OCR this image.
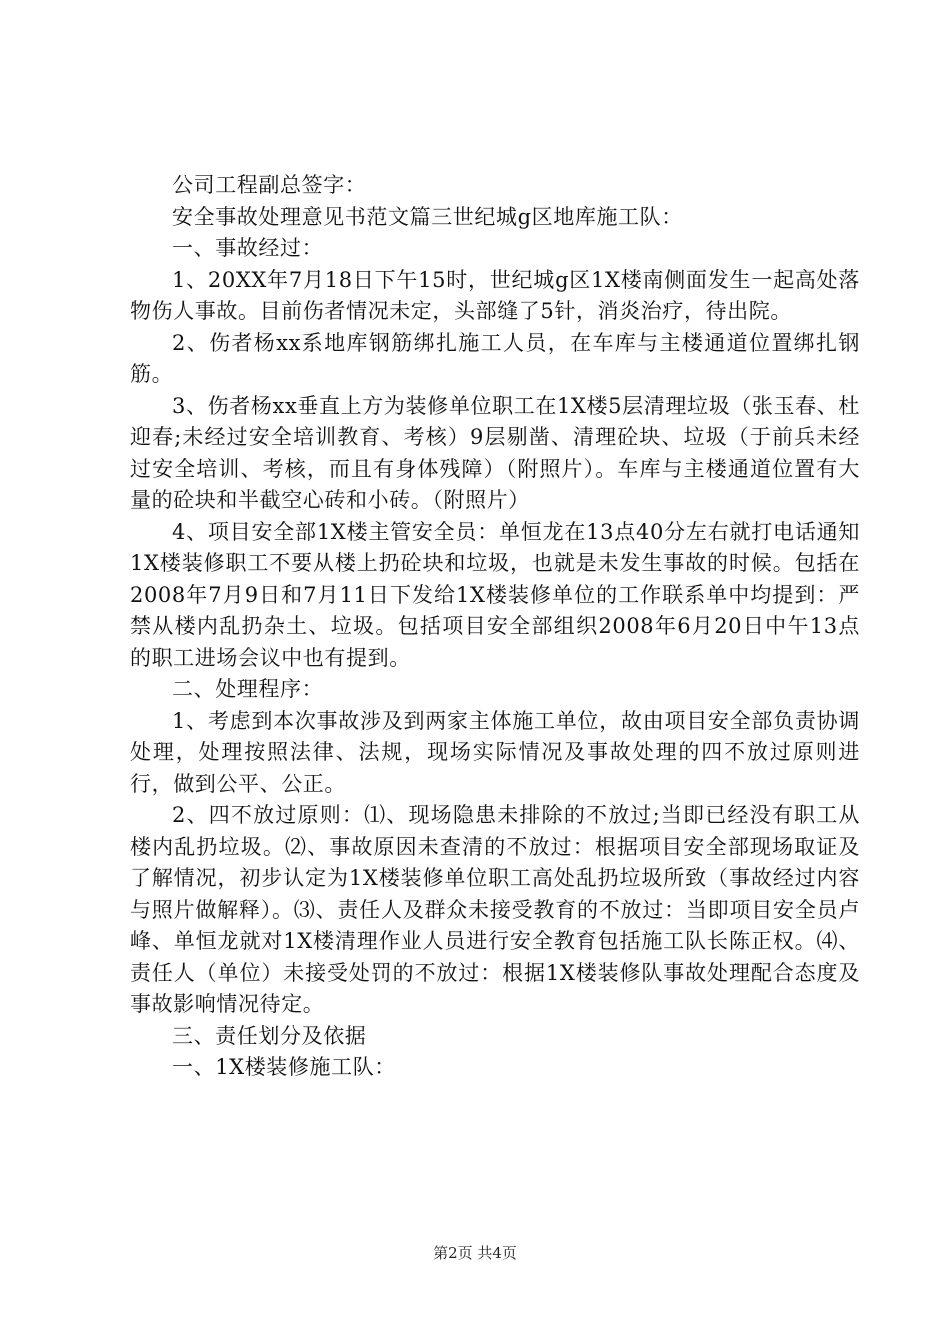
公司工程副总签字：

安全事故处理意见书范文篇三世纪城g区地库施工队：

一、事故经过：

1、20XX年7月18日下午15时，世纪城g区1X楼南侧面发生一起高处落物伤人事故。目前伤者情况未定，头部缝了5针，消炎治疗，待出院。

2、伤者杨xx系地库钢筋绑扎施工人员，在车库与主楼通道位置绑扎钢筋。

3、伤者杨xx垂直上方为装修单位职工在1X楼5层清理垃圾（张玉春、杜迎春;未经过安全培训教育、考核）9层剔凿、清理砼块、垃圾（于前兵未经过安全培训、考核，而且有身体残障）（附照片）。车库与主楼通道位置有大量的砼块和半截空心砖和小砖。（附照片）

4、项目安全部1X楼主管安全员：单恒龙在13点40分左右就打电话通知1X楼装修职工不要从楼上扔砼块和垃圾，也就是未发生事故的时候。包括在2008年7月9日和7月11日下发给1X楼装修单位的工作联系单中均提到：严禁从楼内乱扔杂土、垃圾。包括项目安全部组织2008年6月20日中午13点的职工进场会议中也有提到。

二、处理程序：

1、考虑到本次事故涉及到两家主体施工单位，故由项目安全部负责协调处理，处理按照法律、法规，现场实际情况及事故处理的四不放过原则进行，做到公平、公正。

2、四不放过原则：⑴、现场隐患未排除的不放过;当即已经没有职工从楼内乱扔垃圾。⑵、事故原因未查清的不放过：根据项目安全部现场取证及了解情况，初步认定为1X楼装修单位职工高处乱扔垃圾所致（事故经过内容与照片做解释）。⑶、责任人及群众未接受教育的不放过：当即项目安全员卢峰、单恒龙就对1X楼清理作业人员进行安全教育包括施工队长陈正权。⑷、责任人（单位）未接受处罚的不放过：根据1X楼装修队事故处理配合态度及事故影响情况待定。

三、责任划分及依据

一、1X楼装修施工队：

第2页 共4页
